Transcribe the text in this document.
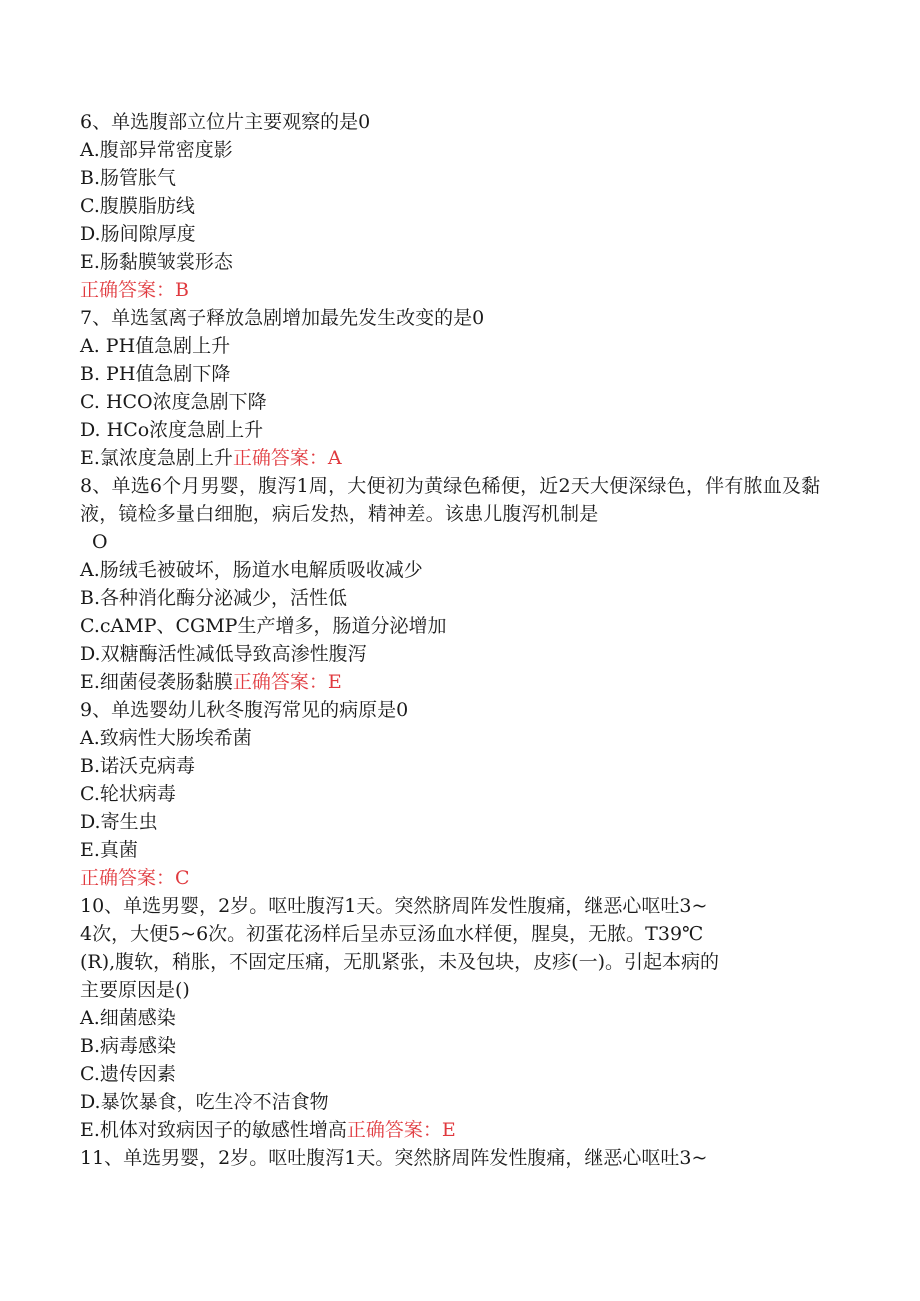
6、单选腹部立位片主要观察的是0
A.腹部异常密度影
B.肠管胀气
C.腹膜脂肪线
D.肠间隙厚度
E.肠黏膜皱裳形态
正确答案：B
7、单选氢离子释放急剧增加最先发生改变的是0
A. PH值急剧上升
B. PH值急剧下降
C. HCO浓度急剧下降
D. HCo浓度急剧上升
E.氯浓度急剧上升正确答案：A
8、单选6个月男婴，腹泻1周，大便初为黄绿色稀便，近2天大便深绿色，伴有脓血及黏液，镜检多量白细胞，病后发热，精神差。该患儿腹泻机制是
O
A.肠绒毛被破坏，肠道水电解质吸收减少
B.各种消化酶分泌减少，活性低
C.cAMP、CGMP生产增多，肠道分泌增加
D.双糖酶活性减低导致高渗性腹泻
E.细菌侵袭肠黏膜正确答案：E
9、单选婴幼儿秋冬腹泻常见的病原是0
A.致病性大肠埃希菌
B.诺沃克病毒
C.轮状病毒
D.寄生虫
E.真菌
正确答案：C
10、单选男婴，2岁。呕吐腹泻1天。突然脐周阵发性腹痛，继恶心呕吐3~
4次，大便5~6次。初蛋花汤样后呈赤豆汤血水样便，腥臭，无脓。T39℃
(R),腹软，稍胀，不固定压痛，无肌紧张，未及包块，皮疹(一)。引起本病的
主要原因是()
A.细菌感染
B.病毒感染
C.遗传因素
D.暴饮暴食，吃生冷不洁食物
E.机体对致病因子的敏感性增高正确答案：E
11、单选男婴，2岁。呕吐腹泻1天。突然脐周阵发性腹痛，继恶心呕吐3~
